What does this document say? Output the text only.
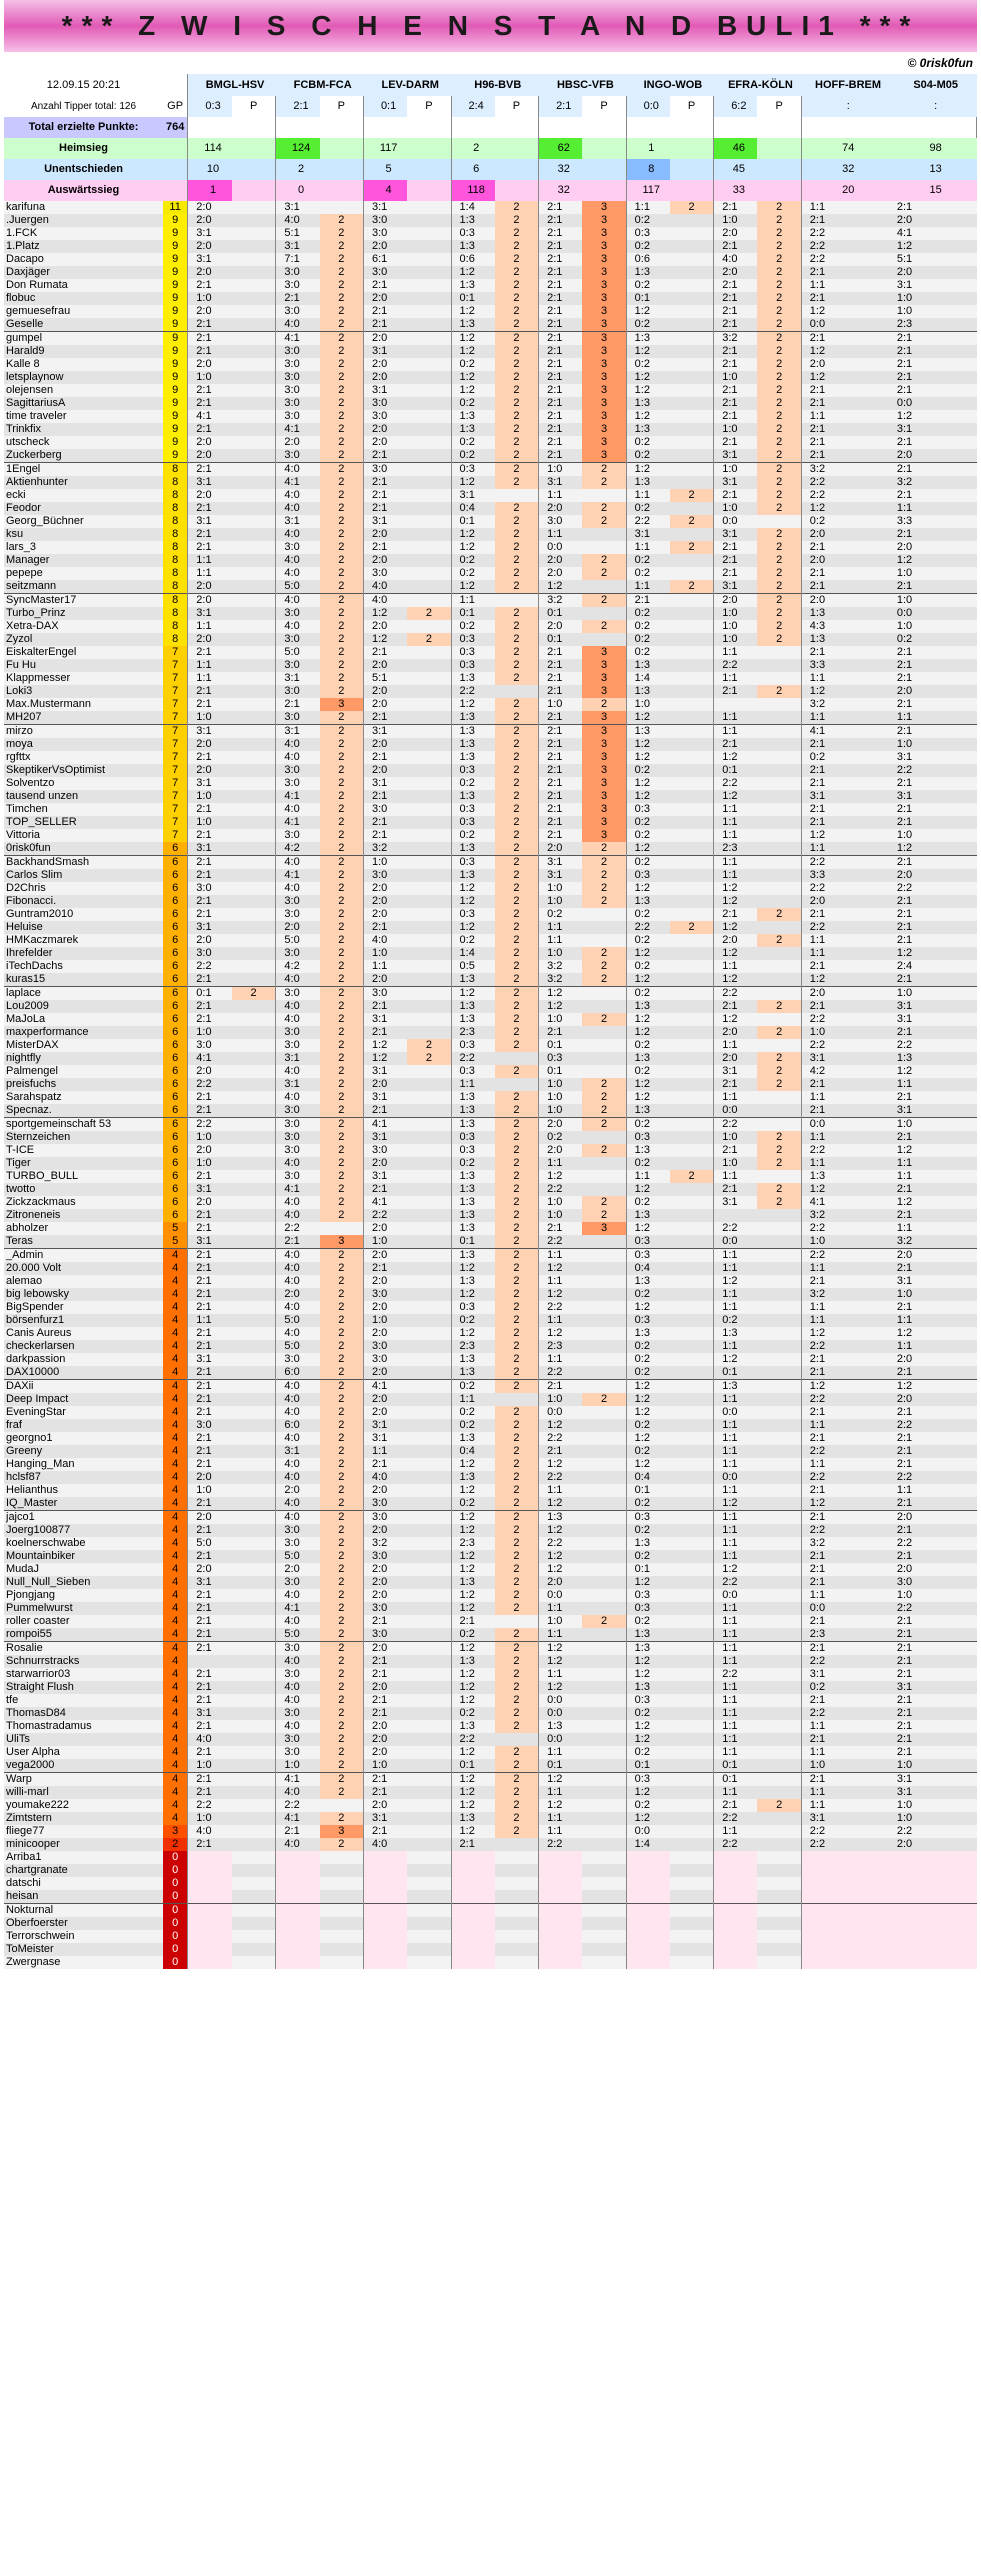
*** Z W I S C H E N S T A N D BULI1 ***
© 0risk0fun
12.09.15 20:21		BMGL-HSV		FCBM-FCA		LEV-DARM		H96-BVB		HBSC-VFB		INGO-WOB		EFRA-KÖLN		HOFF-BREM	S04-M05
Anzahl Tipper total: 126	GP	0:3	P	2:1	P	0:1	P	2:4	P	2:1	P	0:0	P	6:2	P	:	:
Total erzielte Punkte:	764																
Heimsieg		114		124		117		2		62		1		46		74	98
Unentschieden		10		2		5		6		32		8		45		32	13
Auswärtssieg		1		0		4		118		32		117		33		20	15
karifuna	11	2:0		3:1		3:1		1:4	2	2:1	3	1:1	2	2:1	2	1:1	2:1
.Juergen	9	2:0		4:0	2	3:0		1:3	2	2:1	3	0:2		1:0	2	2:1	2:0
1.FCK	9	3:1		5:1	2	3:0		0:3	2	2:1	3	0:3		2:0	2	2:2	4:1
1.Platz	9	2:0		3:1	2	2:0		1:3	2	2:1	3	0:2		2:1	2	2:2	1:2
Dacapo	9	3:1		7:1	2	6:1		0:6	2	2:1	3	0:6		4:0	2	2:2	5:1
Daxjäger	9	2:0		3:0	2	3:0		1:2	2	2:1	3	1:3		2:0	2	2:1	2:0
Don Rumata	9	2:1		3:0	2	2:1		1:3	2	2:1	3	0:2		2:1	2	1:1	3:1
flobuc	9	1:0		2:1	2	2:0		0:1	2	2:1	3	0:1		2:1	2	2:1	1:0
gemuesefrau	9	2:0		3:0	2	2:1		1:2	2	2:1	3	1:2		2:1	2	1:2	1:0
Geselle	9	2:1		4:0	2	2:1		1:3	2	2:1	3	0:2		2:1	2	0:0	2:3
gumpel	9	2:1		4:1	2	2:0		1:2	2	2:1	3	1:3		3:2	2	2:1	2:1
Harald9	9	2:1		3:0	2	3:1		1:2	2	2:1	3	1:2		2:1	2	1:2	2:1
Kalle 8	9	2:0		3:0	2	2:0		0:2	2	2:1	3	0:2		2:1	2	2:0	2:1
letsplaynow	9	1:0		3:0	2	2:0		1:2	2	2:1	3	1:2		1:0	2	1:2	2:1
olejensen	9	2:1		3:0	2	3:1		1:2	2	2:1	3	1:2		2:1	2	2:1	2:1
SagittariusA	9	2:1		3:0	2	3:0		0:2	2	2:1	3	1:3		2:1	2	2:1	0:0
time traveler	9	4:1		3:0	2	3:0		1:3	2	2:1	3	1:2		2:1	2	1:1	1:2
Trinkfix	9	2:1		4:1	2	2:0		1:3	2	2:1	3	1:3		1:0	2	2:1	3:1
utscheck	9	2:0		2:0	2	2:0		0:2	2	2:1	3	0:2		2:1	2	2:1	2:1
Zuckerberg	9	2:0		3:0	2	2:1		0:2	2	2:1	3	0:2		3:1	2	2:1	2:0
1Engel	8	2:1		4:0	2	3:0		0:3	2	1:0	2	1:2		1:0	2	3:2	2:1
Aktienhunter	8	3:1		4:1	2	2:1		1:2	2	3:1	2	1:3		3:1	2	2:2	3:2
ecki	8	2:0		4:0	2	2:1		3:1		1:1		1:1	2	2:1	2	2:2	2:1
Feodor	8	2:1		4:0	2	2:1		0:4	2	2:0	2	0:2		1:0	2	1:2	1:1
Georg_Büchner	8	3:1		3:1	2	3:1		0:1	2	3:0	2	2:2	2	0:0		0:2	3:3
ksu	8	2:1		4:0	2	2:0		1:2	2	1:1		3:1		3:1	2	2:0	2:1
lars_3	8	2:1		3:0	2	2:1		1:2	2	0:0		1:1	2	2:1	2	2:1	2:0
Manager	8	1:1		4:0	2	2:0		0:2	2	2:0	2	0:2		2:1	2	2:0	1:2
pepepe	8	1:1		4:0	2	3:0		0:2	2	2:0	2	0:2		2:1	2	2:1	1:0
seitzmann	8	2:0		5:0	2	4:0		1:2	2	1:2		1:1	2	3:1	2	2:1	2:1
SyncMaster17	8	2:0		4:0	2	4:0		1:1		3:2	2	2:1		2:0	2	2:0	1:0
Turbo_Prinz	8	3:1		3:0	2	1:2	2	0:1	2	0:1		0:2		1:0	2	1:3	0:0
Xetra-DAX	8	1:1		4:0	2	2:0		0:2	2	2:0	2	0:2		1:0	2	4:3	1:0
Zyzol	8	2:0		3:0	2	1:2	2	0:3	2	0:1		0:2		1:0	2	1:3	0:2
EiskalterEngel	7	2:1		5:0	2	2:1		0:3	2	2:1	3	0:2		1:1		2:1	2:1
Fu Hu	7	1:1		3:0	2	2:0		0:3	2	2:1	3	1:3		2:2		3:3	2:1
Klappmesser	7	1:1		3:1	2	5:1		1:3	2	2:1	3	1:4		1:1		1:1	2:1
Loki3	7	2:1		3:0	2	2:0		2:2		2:1	3	1:3		2:1	2	1:2	2:0
Max.Mustermann	7	2:1		2:1	3	2:0		1:2	2	1:0	2	1:0				3:2	2:1
MH207	7	1:0		3:0	2	2:1		1:3	2	2:1	3	1:2		1:1		1:1	1:1
mirzo	7	3:1		3:1	2	3:1		1:3	2	2:1	3	1:3		1:1		4:1	2:1
moya	7	2:0		4:0	2	2:0		1:3	2	2:1	3	1:2		2:1		2:1	1:0
rgfttx	7	2:1		4:0	2	2:1		1:3	2	2:1	3	1:2		1:2		0:2	3:1
SkeptikerVsOptimist	7	2:0		3:0	2	2:0		0:3	2	2:1	3	0:2		0:1		2:1	2:2
Solventzo	7	3:1		3:0	2	3:1		0:2	2	2:1	3	1:2		2:2		2:1	2:1
tausend unzen	7	1:0		4:1	2	2:1		1:3	2	2:1	3	1:2		1:2		3:1	3:1
Timchen	7	2:1		4:0	2	3:0		0:3	2	2:1	3	0:3		1:1		2:1	2:1
TOP_SELLER	7	1:0		4:1	2	2:1		0:3	2	2:1	3	0:2		1:1		2:1	2:1
Vittoria	7	2:1		3:0	2	2:1		0:2	2	2:1	3	0:2		1:1		1:2	1:0
0risk0fun	6	3:1		4:2	2	3:2		1:3	2	2:0	2	1:2		2:3		1:1	1:2
BackhandSmash	6	2:1		4:0	2	1:0		0:3	2	3:1	2	0:2		1:1		2:2	2:1
Carlos Slim	6	2:1		4:1	2	3:0		1:3	2	3:1	2	0:3		1:1		3:3	2:0
D2Chris	6	3:0		4:0	2	2:0		1:2	2	1:0	2	1:2		1:2		2:2	2:2
Fibonacci.	6	2:1		3:0	2	2:0		1:2	2	1:0	2	1:3		1:2		2:0	2:1
Guntram2010	6	2:1		3:0	2	2:0		0:3	2	0:2		0:2		2:1	2	2:1	2:1
Heluise	6	3:1		2:0	2	2:1		1:2	2	1:1		2:2	2	1:2		2:2	2:1
HMKaczmarek	6	2:0		5:0	2	4:0		0:2	2	1:1		0:2		2:0	2	1:1	2:1
Ihrefelder	6	3:0		3:0	2	1:0		1:4	2	1:0	2	1:2		1:2		1:1	1:2
iTechDachs	6	2:2		4:2	2	1:1		0:5	2	3:2	2	0:2		1:1		2:1	2:4
kuras15	6	2:1		4:0	2	2:0		1:3	2	3:2	2	1:2		1:2		1:2	2:1
laplace	6	0:1	2	3:0	2	3:0		1:2	2	1:2		0:2		2:2		2:0	1:0
Lou2009	6	2:1		4:0	2	2:1		1:3	2	1:2		1:3		2:1	2	2:1	3:1
MaJoLa	6	2:1		4:0	2	3:1		1:3	2	1:0	2	1:2		1:2		2:2	3:1
maxperformance	6	1:0		3:0	2	2:1		2:3	2	2:1		1:2		2:0	2	1:0	2:1
MisterDAX	6	3:0		3:0	2	1:2	2	0:3	2	0:1		0:2		1:1		2:2	2:2
nightfly	6	4:1		3:1	2	1:2	2	2:2		0:3		1:3		2:0	2	3:1	1:3
Palmengel	6	2:0		4:0	2	3:1		0:3	2	0:1		0:2		3:1	2	4:2	1:2
preisfuchs	6	2:2		3:1	2	2:0		1:1		1:0	2	1:2		2:1	2	2:1	1:1
Sarahspatz	6	2:1		4:0	2	3:1		1:3	2	1:0	2	1:2		1:1		1:1	2:1
Specnaz.	6	2:1		3:0	2	2:1		1:3	2	1:0	2	1:3		0:0		2:1	3:1
sportgemeinschaft 53	6	2:2		3:0	2	4:1		1:3	2	2:0	2	0:2		2:2		0:0	1:0
Sternzeichen	6	1:0		3:0	2	3:1		0:3	2	0:2		0:3		1:0	2	1:1	2:1
T-ICE	6	2:0		3:0	2	3:0		0:3	2	2:0	2	1:3		2:1	2	2:2	1:2
Tiger	6	1:0		4:0	2	2:0		0:2	2	1:1		0:2		1:0	2	1:1	1:1
TURBO_BULL	6	2:1		3:0	2	3:1		1:3	2	1:2		1:1	2	1:1		1:3	1:1
twotto	6	3:1		4:1	2	2:1		1:3	2	2:2		1:2		2:1	2	1:2	2:1
Zickzackmaus	6	2:0		4:0	2	4:1		1:3	2	1:0	2	0:2		3:1	2	4:1	1:2
Zitroneneis	6	2:1		4:0	2	2:2		1:3	2	1:0	2	1:3				3:2	2:1
abholzer	5	2:1		2:2		2:0		1:3	2	2:1	3	1:2		2:2		2:2	1:1
Teras	5	3:1		2:1	3	1:0		0:1	2	2:2		0:3		0:0		1:0	3:2
_Admin	4	2:1		4:0	2	2:0		1:3	2	1:1		0:3		1:1		2:2	2:0
20.000 Volt	4	2:1		4:0	2	2:1		1:2	2	1:2		0:4		1:1		1:1	2:1
alemao	4	2:1		4:0	2	2:0		1:3	2	1:1		1:3		1:2		2:1	3:1
big lebowsky	4	2:1		2:0	2	3:0		1:2	2	1:2		0:2		1:1		3:2	1:0
BigSpender	4	2:1		4:0	2	2:0		0:3	2	2:2		1:2		1:1		1:1	2:1
börsenfurz1	4	1:1		5:0	2	1:0		0:2	2	1:1		0:3		0:2		1:1	1:1
Canis Aureus	4	2:1		4:0	2	2:0		1:2	2	1:2		1:3		1:3		1:2	1:2
checkerlarsen	4	2:1		5:0	2	3:0		2:3	2	2:3		0:2		1:1		2:2	1:1
darkpassion	4	3:1		3:0	2	3:0		1:3	2	1:1		0:2		1:2		2:1	2:0
DAX10000	4	2:1		6:0	2	2:0		1:3	2	2:2		0:2		0:1		2:1	2:1
DAXii	4	2:1		4:0	2	4:1		0:2	2	2:1		1:2		1:3		1:2	1:2
Deep Impact	4	2:1		4:0	2	2:0		1:1		1:0	2	1:2		1:1		2:2	2:0
EveningStar	4	2:1		4:0	2	2:0		0:2	2	0:0		1:2		0:0		2:1	2:1
fraf	4	3:0		6:0	2	3:1		0:2	2	1:2		0:2		1:1		1:1	2:2
georgno1	4	2:1		4:0	2	3:1		1:3	2	2:2		1:2		1:1		2:1	2:1
Greeny	4	2:1		3:1	2	1:1		0:4	2	2:1		0:2		1:1		2:2	2:1
Hanging_Man	4	2:1		4:0	2	2:1		1:2	2	1:2		1:2		1:1		1:1	2:1
hclsf87	4	2:0		4:0	2	4:0		1:3	2	2:2		0:4		0:0		2:2	2:2
Helianthus	4	1:0		2:0	2	2:0		1:2	2	1:1		0:1		1:1		2:1	1:1
IQ_Master	4	2:1		4:0	2	3:0		0:2	2	1:2		0:2		1:2		1:2	2:1
jajco1	4	2:0		4:0	2	3:0		1:2	2	1:3		0:3		1:1		2:1	2:0
Joerg100877	4	2:1		3:0	2	2:0		1:2	2	1:2		0:2		1:1		2:2	2:1
koelnerschwabe	4	5:0		3:0	2	3:2		2:3	2	2:2		1:3		1:1		3:2	2:2
Mountainbiker	4	2:1		5:0	2	3:0		1:2	2	1:2		0:2		1:1		2:1	2:1
MudaJ	4	2:0		2:0	2	2:0		1:2	2	1:2		0:1		1:2		2:1	2:0
Null_Null_Sieben	4	3:1		3:0	2	2:0		1:3	2	2:0		1:2		2:2		2:1	3:0
Pjongjang	4	2:1		4:0	2	2:0		1:2	2	0:0		0:3		0:0		1:1	1:0
Pummelwurst	4	2:1		4:1	2	3:0		1:2	2	1:1		0:3		1:1		0:0	2:2
roller coaster	4	2:1		4:0	2	2:1		2:1		1:0	2	0:2		1:1		2:1	2:1
rompoi55	4	2:1		5:0	2	3:0		0:2	2	1:1		1:3		1:1		2:3	2:1
Rosalie	4	2:1		3:0	2	2:0		1:2	2	1:2		1:3		1:1		2:1	2:1
Schnurrstracks	4			4:0	2	2:1		1:3	2	1:2		1:2		1:1		2:2	2:1
starwarrior03	4	2:1		3:0	2	2:1		1:2	2	1:1		1:2		2:2		3:1	2:1
Straight Flush	4	2:1		4:0	2	2:0		1:2	2	1:2		1:3		1:1		0:2	3:1
tfe	4	2:1		4:0	2	2:1		1:2	2	0:0		0:3		1:1		2:1	2:1
ThomasD84	4	3:1		3:0	2	2:1		0:2	2	0:0		0:2		1:1		2:2	2:1
Thomastradamus	4	2:1		4:0	2	2:0		1:3	2	1:3		1:2		1:1		1:1	2:1
UliTs	4	4:0		3:0	2	2:0		2:2		0:0		1:2		1:1		2:1	2:1
User Alpha	4	2:1		3:0	2	2:0		1:2	2	1:1		0:2		1:1		1:1	2:1
vega2000	4	1:0		1:0	2	1:0		0:1	2	0:1		0:1		0:1		1:0	1:0
Warp	4	2:1		4:1	2	2:1		1:2	2	1:2		0:3		0:1		2:1	3:1
willi-marl	4	2:1		4:0	2	2:1		1:2	2	1:1		1:2		1:1		1:1	3:1
youmake222	4	2:2		2:2		2:0		1:2	2	1:2		0:2		2:1	2	1:1	1:0
Zimtstern	4	1:0		4:1	2	3:1		1:3	2	1:1		1:2		2:2		3:1	1:0
fliege77	3	4:0		2:1	3	2:1		1:2	2	1:1		0:0		1:1		2:2	2:2
minicooper	2	2:1		4:0	2	4:0		2:1		2:2		1:4		2:2		2:2	2:0
Arriba1	0																
chartgranate	0																
datschi	0																
heisan	0																
Nokturnal	0																
Oberfoerster	0																
Terrorschwein	0																
ToMeister	0																
Zwergnase	0																
